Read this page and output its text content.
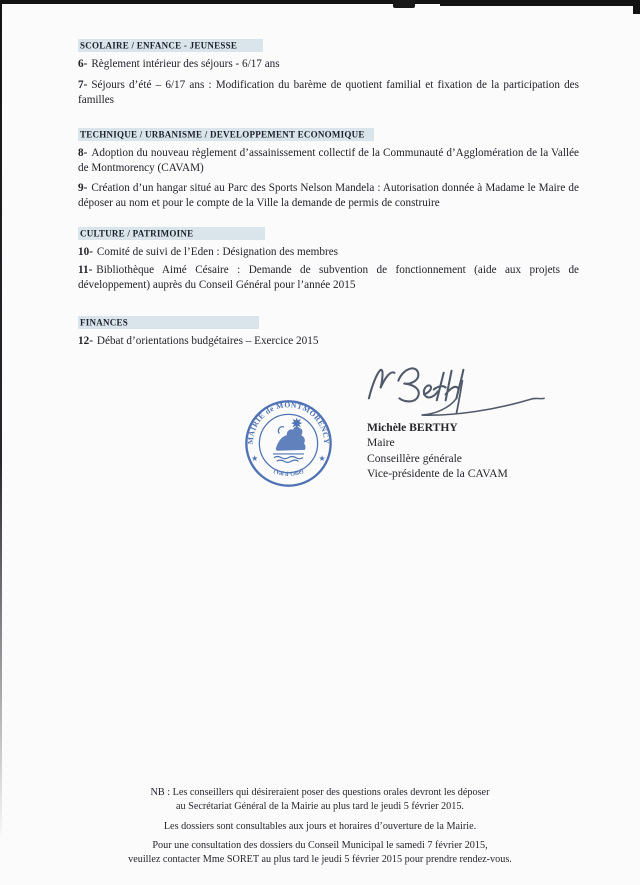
SCOLAIRE / ENFANCE - JEUNESSE

6- Règlement intérieur des séjours - 6/17 ans

7- Séjours d’été – 6/17 ans : Modification du barème de quotient familial et fixation de la participation des familles

TECHNIQUE / URBANISME / DEVELOPPEMENT ECONOMIQUE

8- Adoption du nouveau règlement d’assainissement collectif de la Communauté d’Agglomération de la Vallée de Montmorency (CAVAM)

9- Création d’un hangar situé au Parc des Sports Nelson Mandela : Autorisation donnée à Madame le Maire de déposer au nom et pour le compte de la Ville la demande de permis de construire

CULTURE / PATRIMOINE

10- Comité de suivi de l’Eden : Désignation des membres

11- Bibliothèque Aimé Césaire : Demande de subvention de fonctionnement (aide aux projets de développement) auprès du Conseil Général pour l’année 2015

FINANCES

12- Débat d’orientations budgétaires – Exercice 2015

MAIRIE de MONTMORENCY
(Val d’Oise)
★	★
Michèle BERTHY
Maire
Conseillère générale
Vice-présidente de la CAVAM
NB : Les conseillers qui désireraient poser des questions orales devront les déposer
au Secrétariat Général de la Mairie au plus tard le jeudi 5 février 2015.
Les dossiers sont consultables aux jours et horaires d’ouverture de la Mairie.
Pour une consultation des dossiers du Conseil Municipal le samedi 7 février 2015,
veuillez contacter Mme SORET au plus tard le jeudi 5 février 2015 pour prendre rendez-vous.
